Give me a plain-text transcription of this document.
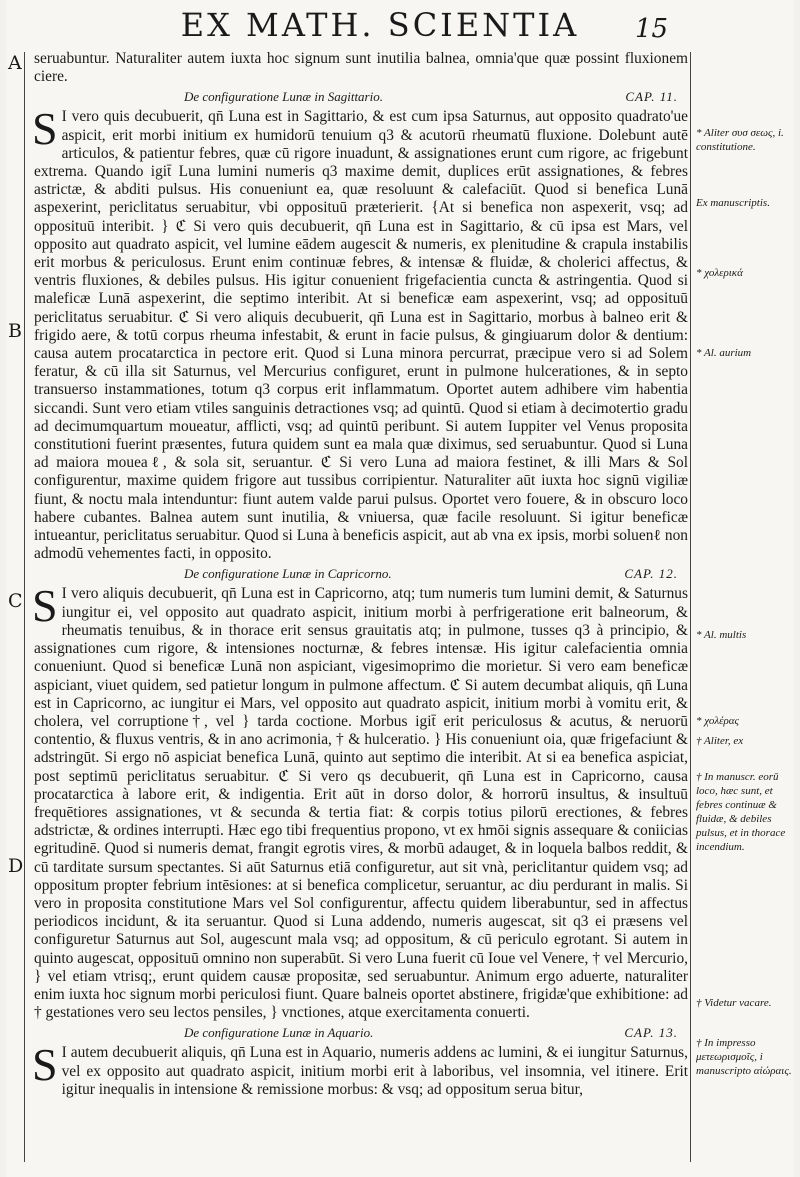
EX MATH. SCIENTIA	15
A
B
C
D

seruabuntur. Naturaliter autem iuxta hoc signum sunt inutilia balnea, omnia'que quæ possint fluxionem ciere.

De configuratione Lunæ in Sagittario.	CAP. 11.

S I vero quis decubuerit, qn̄ Luna est in Sagittario, & est cum ipsa Saturnus, aut opposito quadrato'ue aspicit, erit morbi initium ex humidorū tenuium q3 & acutorū rheumatū fluxione. Dolebunt autē articulos, & patientur febres, quæ cū rigore inuadunt, & assignationes erunt cum rigore, ac frigebunt extrema. Quando igit̄ Luna lumini numeris q3 maxime demit, duplices erūt assignationes, & febres astrictæ, & abditi pulsus. His conueniunt ea, quæ resoluunt & calefaciūt. Quod si benefica Lunā aspexerint, periclitatus seruabitur, vbi opposituū præterierit. {At si benefica non aspexerit, vsq; ad opposituū interibit. } ℭ Si vero quis decubuerit, qn̄ Luna est in Sagittario, & cū ipsa est Mars, vel opposito aut quadrato aspicit, vel lumine eādem augescit & numeris, ex plenitudine & crapula instabilis erit morbus & periculosus. Erunt enim continuæ febres, & intensæ & fluidæ, & cholerici affectus, & ventris fluxiones, & debiles pulsus. His igitur conuenient frigefacientia cuncta & astringentia. Quod si maleficæ Lunā aspexerint, die septimo interibit. At si beneficæ eam aspexerint, vsq; ad opposituū periclitatus seruabitur. ℭ Si vero aliquis decubuerit, qn̄ Luna est in Sagittario, morbus à balneo erit & frigido aere, & totū corpus rheuma infestabit, & erunt in facie pulsus, & gingiuarum dolor & dentium: causa autem procatarctica in pectore erit. Quod si Luna minora percurrat, præcipue vero si ad Solem feratur, & cū illa sit Saturnus, vel Mercurius configuret, erunt in pulmone hulcerationes, & in septo transuerso instammationes, totum q3 corpus erit inflammatum. Oportet autem adhibere vim habentia siccandi. Sunt vero etiam vtiles sanguinis detractiones vsq; ad quintū. Quod si etiam à decimotertio gradu ad decimumquartum moueatur, afflicti, vsq; ad quintū peribunt. Si autem Iuppiter vel Venus proposita constitutioni fuerint præsentes, futura quidem sunt ea mala quæ diximus, sed seruabuntur. Quod si Luna ad maiora moueaℓ, & sola sit, seruantur. ℭ Si vero Luna ad maiora festinet, & illi Mars & Sol configurentur, maxime quidem frigore aut tussibus corripientur. Naturaliter aūt iuxta hoc signū vigiliæ fiunt, & noctu mala intenduntur: fiunt autem valde parui pulsus. Oportet vero fouere, & in obscuro loco habere cubantes. Balnea autem sunt inutilia, & vniuersa, quæ facile resoluunt. Si igitur beneficæ intueantur, periclitatus seruabitur. Quod si Luna à beneficis aspicit, aut ab vna ex ipsis, morbi soluenℓ non admodū vehementes facti, in opposito.

De configuratione Lunæ in Capricorno.	CAP. 12.

S I vero aliquis decubuerit, qn̄ Luna est in Capricorno, atq; tum numeris tum lumini demit, & Saturnus iungitur ei, vel opposito aut quadrato aspicit, initium morbi à perfrigeratione erit balneorum, & rheumatis tenuibus, & in thorace erit sensus grauitatis atq; in pulmone, tusses q3 à principio, & assignationes cum rigore, & intensiones nocturnæ, & febres intensæ. His igitur calefacientia omnia conueniunt. Quod si beneficæ Lunā non aspiciant, vigesimoprimo die morietur. Si vero eam beneficæ aspiciant, viuet quidem, sed patietur longum in pulmone affectum. ℭ Si autem decumbat aliquis, qn̄ Luna est in Capricorno, ac iungitur ei Mars, vel opposito aut quadrato aspicit, initium morbi à vomitu erit, & cholera, vel corruptione†, vel } tarda coctione. Morbus igit̄ erit periculosus & acutus, & neruorū contentio, & fluxus ventris, & in ano acrimonia, † & hulceratio. } His conueniunt oia, quæ frigefaciunt & adstringūt. Si ergo nō aspiciat benefica Lunā, quinto aut septimo die interibit. At si ea benefica aspiciat, post septimū periclitatus seruabitur. ℭ Si vero qs decubuerit, qn̄ Luna est in Capricorno, causa procatarctica à labore erit, & indigentia. Erit aūt in dorso dolor, & horrorū insultus, & insultuū frequētiores assignationes, vt & secunda & tertia fiat: & corpis totius pilorū erectiones, & febres adstrictæ, & ordines interrupti. Hæc ego tibi frequentius propono, vt ex hmōi signis assequare & coniicias egritudinē. Quod si numeris demat, frangit egrotis vires, & morbū adauget, & in loquela balbos reddit, & cū tarditate sursum spectantes. Si aūt Saturnus etiā configuretur, aut sit vnà, periclitantur quidem vsq; ad oppositum propter febrium intēsiones: at si benefica complicetur, seruantur, ac diu perdurant in malis. Si vero in proposita constitutione Mars vel Sol configurentur, affectu quidem liberabuntur, sed in affectus periodicos incidunt, & ita seruantur. Quod si Luna addendo, numeris augescat, sit q3 ei præsens vel configuretur Saturnus aut Sol, augescunt mala vsq; ad oppositum, & cū periculo egrotant. Si autem in quinto augescat, opposituū omnino non superabūt. Si vero Luna fuerit cū Ioue vel Venere, † vel Mercurio, } vel etiam vtrisq;, erunt quidem causæ propositæ, sed seruabuntur. Animum ergo aduerte, naturaliter enim iuxta hoc signum morbi periculosi fiunt. Quare balneis oportet abstinere, frigidæ'que exhibitione: ad † gestationes vero seu lectos pensiles, } vnctiones, atque exercitamenta conuerti.

De configuratione Lunæ in Aquario.	CAP. 13.

S I autem decubuerit aliquis, qn̄ Luna est in Aquario, numeris addens ac lumini, & ei iungitur Saturnus, vel ex opposito aut quadrato aspicit, initium morbi erit à laboribus, vel insomnia, vel itinere. Erit igitur inequalis in intensione & remissione morbus: & vsq; ad oppositum serua bitur,

* Aliter συσ σεως, i. constitutione.
Ex manuscriptis.
* χολερικά
* Al. aurium
* Al. multis
* χολέρας
† Aliter, ex
† In manuscr. eorū loco, hæc sunt, et febres continuæ & fluidæ, & debiles pulsus, et in thorace incendium.
† Videtur vacare.
† In impresso μετεωρισμοῖς, i manuscripto αἰώραις.
